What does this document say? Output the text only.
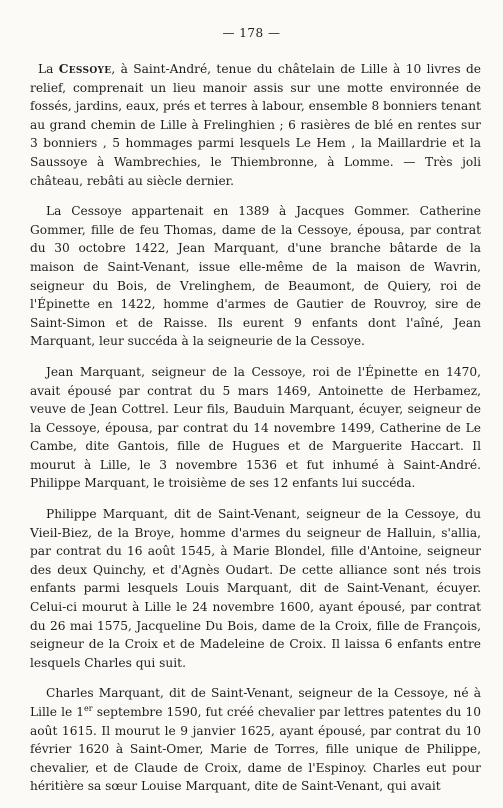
— 178 —

La Cessoye, à Saint-André, tenue du châtelain de Lille à 10 livres de relief, comprenait un lieu manoir assis sur une motte environnée de fossés, jardins, eaux, prés et terres à labour, ensemble 8 bonniers tenant au grand chemin de Lille à Frelinghien ; 6 rasières de blé en rentes sur 3 bonniers , 5 hommages parmi lesquels Le Hem , la Maillardrie et la Saussoye à Wambrechies, le Thiembronne, à Lomme. — Très joli château, rebâti au siècle dernier.

La Cessoye appartenait en 1389 à Jacques Gommer. Catherine Gommer, fille de feu Thomas, dame de la Cessoye, épousa, par contrat du 30 octobre 1422, Jean Marquant, d'une branche bâtarde de la maison de Saint-Venant, issue elle-même de la maison de Wavrin, seigneur du Bois, de Vrelinghem, de Beaumont, de Quiery, roi de l'Épinette en 1422, homme d'armes de Gautier de Rouvroy, sire de Saint-Simon et de Raisse. Ils eurent 9 enfants dont l'aîné, Jean Marquant, leur succéda à la seigneurie de la Cessoye.

Jean Marquant, seigneur de la Cessoye, roi de l'Épinette en 1470, avait épousé par contrat du 5 mars 1469, Antoinette de Herbamez, veuve de Jean Cottrel. Leur fils, Bauduin Marquant, écuyer, seigneur de la Cessoye, épousa, par contrat du 14 novembre 1499, Catherine de Le Cambe, dite Gantois, fille de Hugues et de Marguerite Haccart. Il mourut à Lille, le 3 novembre 1536 et fut inhumé à Saint-André. Philippe Marquant, le troisième de ses 12 enfants lui succéda.

Philippe Marquant, dit de Saint-Venant, seigneur de la Cessoye, du Vieil-Biez, de la Broye, homme d'armes du seigneur de Halluin, s'allia, par contrat du 16 août 1545, à Marie Blondel, fille d'Antoine, seigneur des deux Quinchy, et d'Agnès Oudart. De cette alliance sont nés trois enfants parmi lesquels Louis Marquant, dit de Saint-Venant, écuyer. Celui-ci mourut à Lille le 24 novembre 1600, ayant épousé, par contrat du 26 mai 1575, Jacqueline Du Bois, dame de la Croix, fille de François, seigneur de la Croix et de Madeleine de Croix. Il laissa 6 enfants entre lesquels Charles qui suit.

Charles Marquant, dit de Saint-Venant, seigneur de la Cessoye, né à Lille le 1er septembre 1590, fut créé chevalier par lettres patentes du 10 août 1615. Il mourut le 9 janvier 1625, ayant épousé, par contrat du 10 février 1620 à Saint-Omer, Marie de Torres, fille unique de Philippe, chevalier, et de Claude de Croix, dame de l'Espinoy. Charles eut pour héritière sa sœur Louise Marquant, dite de Saint-Venant, qui avait
